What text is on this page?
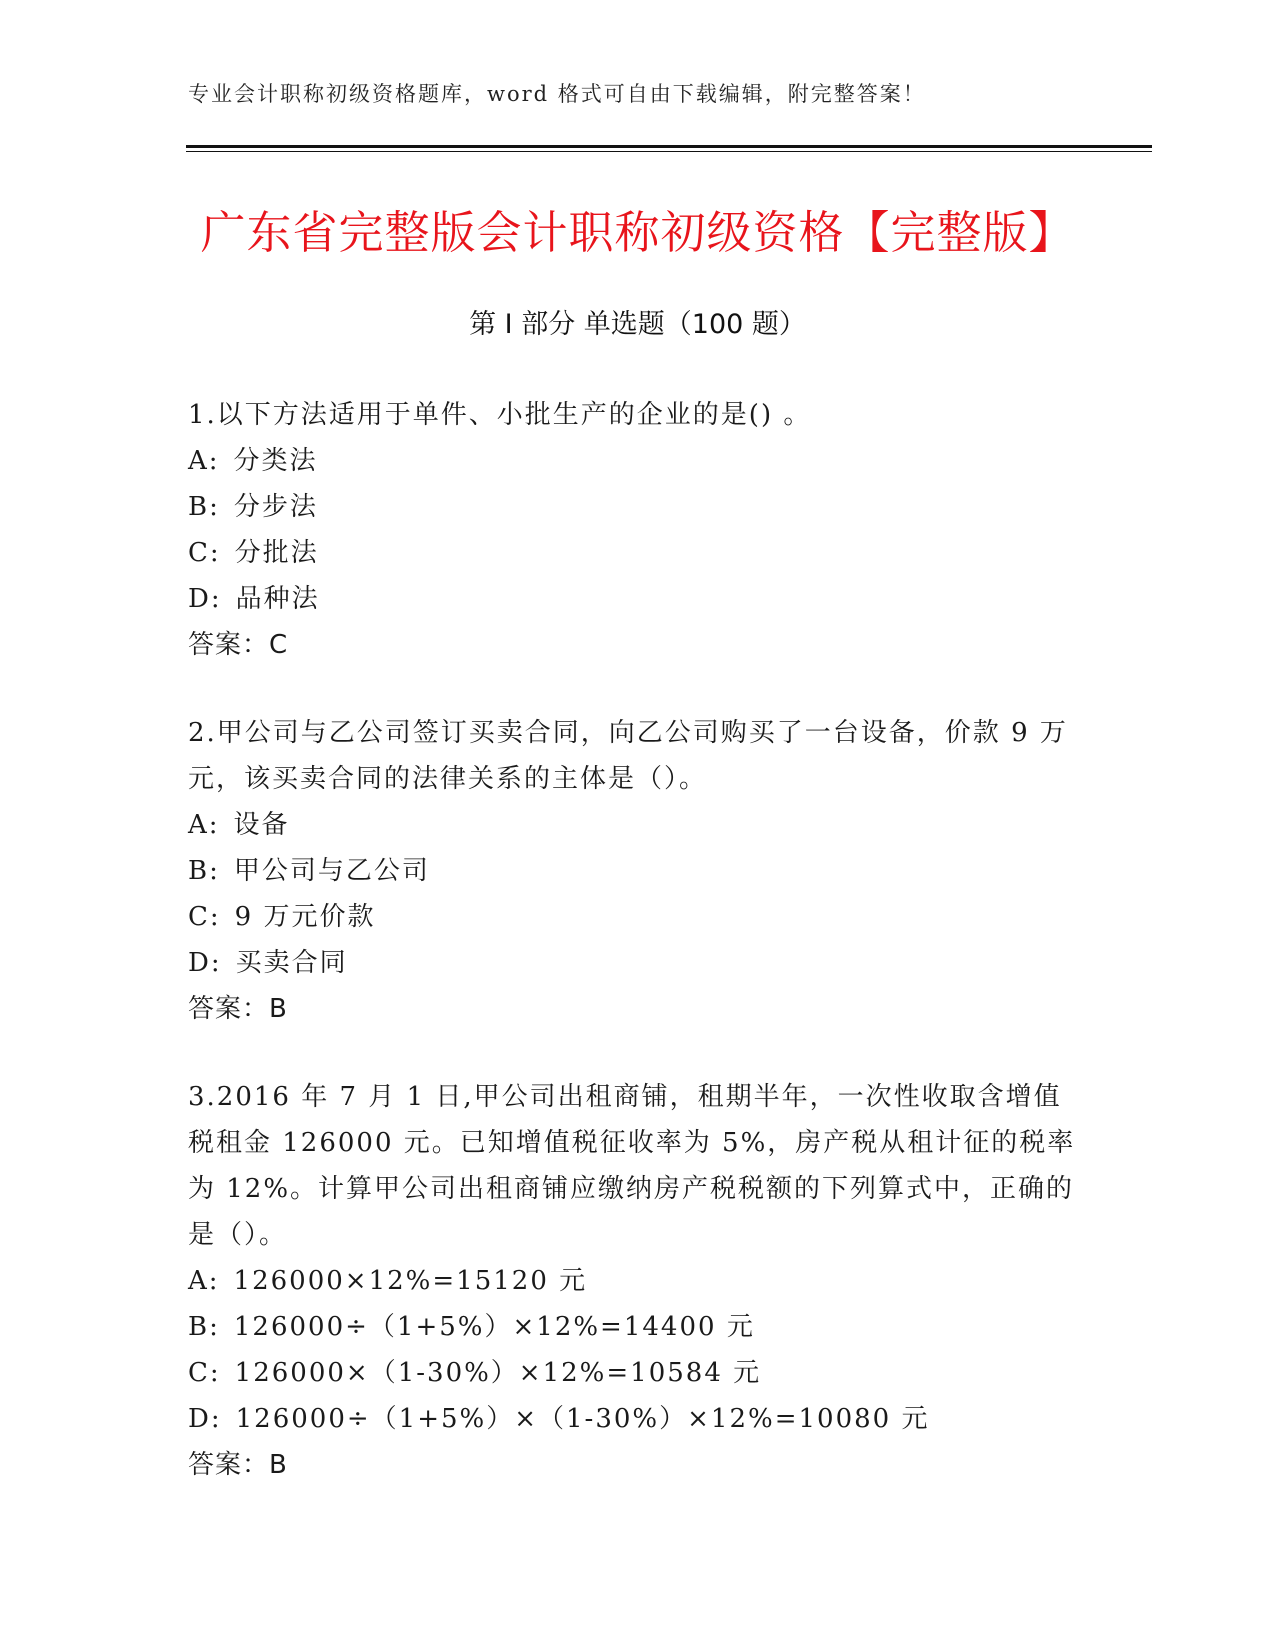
专业会计职称初级资格题库，word 格式可自由下载编辑，附完整答案！
广东省完整版会计职称初级资格【完整版】
第 I 部分 单选题（100 题）

1.以下方法适用于单件、小批生产的企业的是() 。

A: 分类法
B: 分步法
C: 分批法
D: 品种法
答案：C

2.甲公司与乙公司签订买卖合同，向乙公司购买了一台设备，价款 9 万元，该买卖合同的法律关系的主体是（）。

A: 设备
B: 甲公司与乙公司
C: 9 万元价款
D: 买卖合同
答案：B

3.2016 年 7 月 1 日,甲公司出租商铺，租期半年，一次性收取含增值税租金 126000 元。已知增值税征收率为 5%，房产税从租计征的税率为 12%。计算甲公司出租商铺应缴纳房产税税额的下列算式中，正确的是（）。

A: 126000×12%=15120 元
B: 126000÷（1+5%）×12%=14400 元
C: 126000×（1-30%）×12%=10584 元
D: 126000÷（1+5%）×（1-30%）×12%=10080 元
答案：B
